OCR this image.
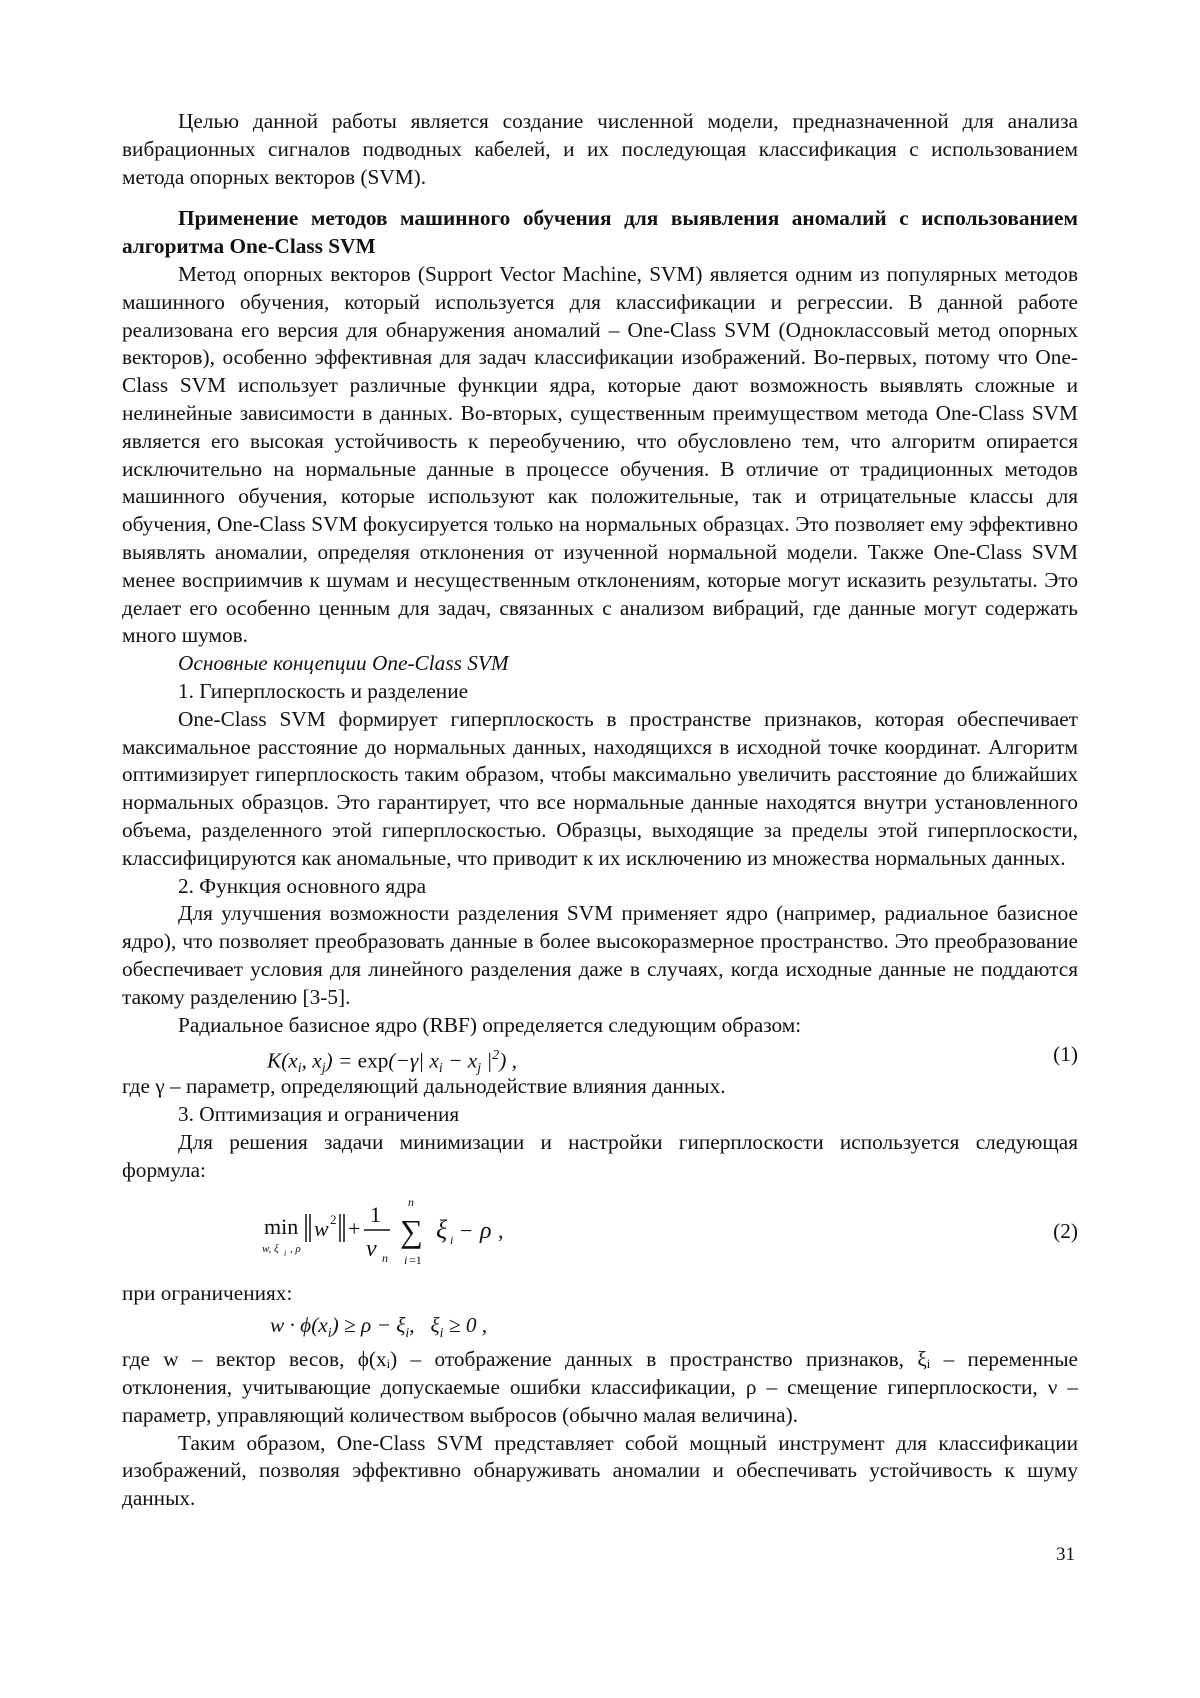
Целью данной работы является создание численной модели, предназначенной для анализа вибрационных сигналов подводных кабелей, и их последующая классификация с использованием метода опорных векторов (SVM).

Применение методов машинного обучения для выявления аномалий с использованием алгоритма One-Class SVM

Метод опорных векторов (Support Vector Machine, SVM) является одним из популярных методов машинного обучения, который используется для классификации и регрессии. В данной работе реализована его версия для обнаружения аномалий – One-Class SVM (Одноклассовый метод опорных векторов), особенно эффективная для задач классификации изображений. Во-первых, потому что One-Class SVM использует различные функции ядра, которые дают возможность выявлять сложные и нелинейные зависимости в данных. Во-вторых, существенным преимуществом метода One-Class SVM является его высокая устойчивость к переобучению, что обусловлено тем, что алгоритм опирается исключительно на нормальные данные в процессе обучения. В отличие от традиционных методов машинного обучения, которые используют как положительные, так и отрицательные классы для обучения, One-Class SVM фокусируется только на нормальных образцах. Это позволяет ему эффективно выявлять аномалии, определяя отклонения от изученной нормальной модели. Также One-Class SVM менее восприимчив к шумам и несущественным отклонениям, которые могут исказить результаты. Это делает его особенно ценным для задач, связанных с анализом вибраций, где данные могут содержать много шумов.

Основные концепции One-Class SVM

1. Гиперплоскость и разделение

One-Class SVM формирует гиперплоскость в пространстве признаков, которая обеспечивает максимальное расстояние до нормальных данных, находящихся в исходной точке координат. Алгоритм оптимизирует гиперплоскость таким образом, чтобы максимально увеличить расстояние до ближайших нормальных образцов. Это гарантирует, что все нормальные данные находятся внутри установленного объема, разделенного этой гиперплоскостью. Образцы, выходящие за пределы этой гиперплоскости, классифицируются как аномальные, что приводит к их исключению из множества нормальных данных.

2. Функция основного ядра

Для улучшения возможности разделения SVM применяет ядро (например, радиальное базисное ядро), что позволяет преобразовать данные в более высокоразмерное пространство. Это преобразование обеспечивает условия для линейного разделения даже в случаях, когда исходные данные не поддаются такому разделению [3-5].

Радиальное базисное ядро (RBF) определяется следующим образом:

$K(x_i$, $x_j) = \exp(-\gamma|$ $x_i - x_j$ $|^2$) ,	(1)

где γ – параметр, определяющий дальнодействие влияния данных.

3. Оптимизация и ограничения

Для решения задачи минимизации и настройки гиперплоскости используется следующая формула:

min
w, ξ i , ρ
w 2 +
1
ν n
n
∑
i =1
ξ i − ρ ,	(2)

при ограничениях:

$w \cdot \phi(x_i) \ge \rho - \xi_i$,   $\xi_i \ge 0$ ,

где w – вектор весов, ϕ(xᵢ) – отображение данных в пространство признаков, ξᵢ – переменные отклонения, учитывающие допускаемые ошибки классификации, ρ – смещение гиперплоскости, ν – параметр, управляющий количеством выбросов (обычно малая величина).

Таким образом, One-Class SVM представляет собой мощный инструмент для классификации изображений, позволяя эффективно обнаруживать аномалии и обеспечивать устойчивость к шуму данных.

31
